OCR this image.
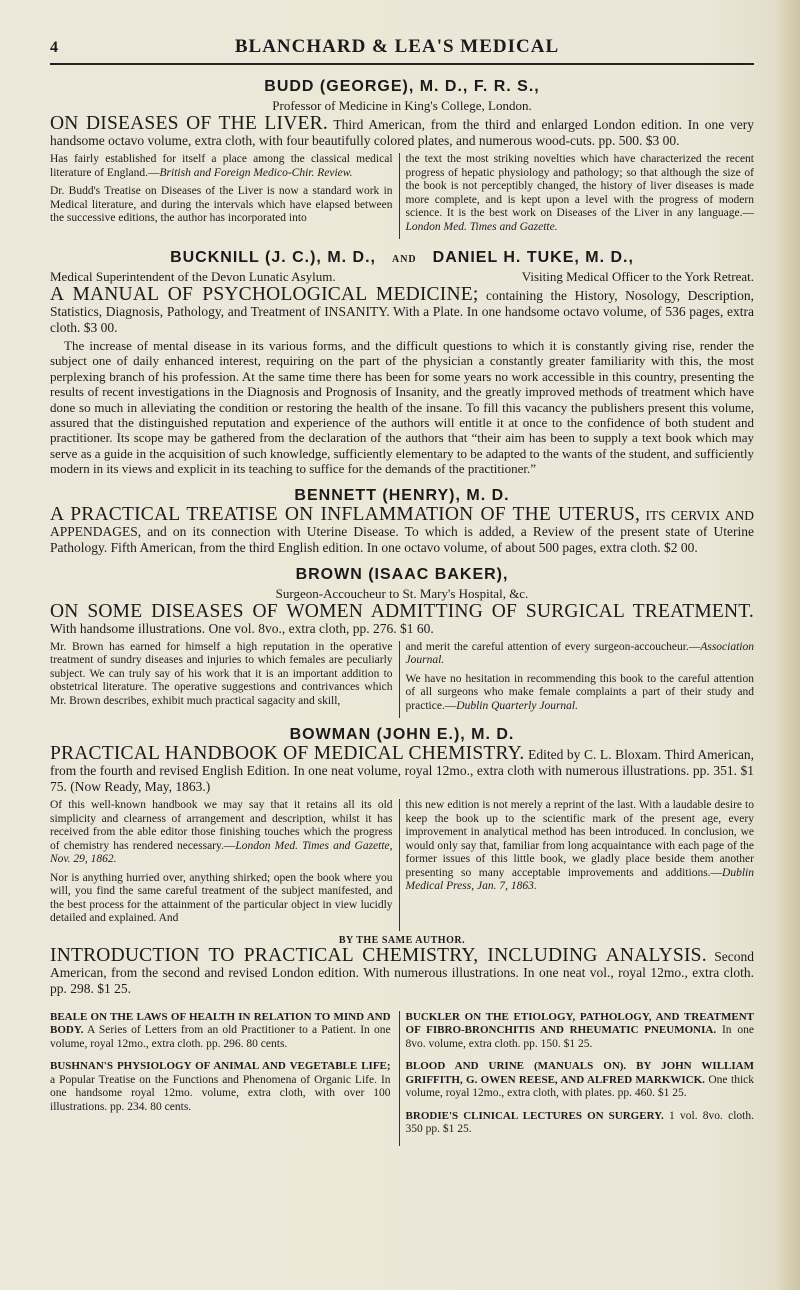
4	BLANCHARD & LEA'S MEDICAL
BUDD (GEORGE), M. D., F. R. S.,
Professor of Medicine in King's College, London.
ON DISEASES OF THE LIVER. Third American, from the third and enlarged London edition. In one very handsome octavo volume, extra cloth, with four beautifully colored plates, and numerous wood-cuts. pp. 500. $3 00.

Has fairly established for itself a place among the classical medical literature of England.—British and Foreign Medico-Chir. Review.

Dr. Budd's Treatise on Diseases of the Liver is now a standard work in Medical literature, and during the intervals which have elapsed between the successive editions, the author has incorporated into

the text the most striking novelties which have characterized the recent progress of hepatic physiology and pathology; so that although the size of the book is not perceptibly changed, the history of liver diseases is made more complete, and is kept upon a level with the progress of modern science. It is the best work on Diseases of the Liver in any language.—London Med. Times and Gazette.

BUCKNILL (J. C.), M. D., AND DANIEL H. TUKE, M. D.,
Medical Superintendent of the Devon Lunatic Asylum.	Visiting Medical Officer to the York Retreat.
A MANUAL OF PSYCHOLOGICAL MEDICINE; containing the History, Nosology, Description, Statistics, Diagnosis, Pathology, and Treatment of INSANITY. With a Plate. In one handsome octavo volume, of 536 pages, extra cloth. $3 00.
The increase of mental disease in its various forms, and the difficult questions to which it is constantly giving rise, render the subject one of daily enhanced interest, requiring on the part of the physician a constantly greater familiarity with this, the most perplexing branch of his profession. At the same time there has been for some years no work accessible in this country, presenting the results of recent investigations in the Diagnosis and Prognosis of Insanity, and the greatly improved methods of treatment which have done so much in alleviating the condition or restoring the health of the insane. To fill this vacancy the publishers present this volume, assured that the distinguished reputation and experience of the authors will entitle it at once to the confidence of both student and practitioner. Its scope may be gathered from the declaration of the authors that “their aim has been to supply a text book which may serve as a guide in the acquisition of such knowledge, sufficiently elementary to be adapted to the wants of the student, and sufficiently modern in its views and explicit in its teaching to suffice for the demands of the practitioner.”
BENNETT (HENRY), M. D.
A PRACTICAL TREATISE ON INFLAMMATION OF THE UTERUS, ITS CERVIX AND APPENDAGES, and on its connection with Uterine Disease. To which is added, a Review of the present state of Uterine Pathology. Fifth American, from the third English edition. In one octavo volume, of about 500 pages, extra cloth. $2 00.
BROWN (ISAAC BAKER),
Surgeon-Accoucheur to St. Mary's Hospital, &c.
ON SOME DISEASES OF WOMEN ADMITTING OF SURGICAL TREATMENT. With handsome illustrations. One vol. 8vo., extra cloth, pp. 276. $1 60.

Mr. Brown has earned for himself a high reputation in the operative treatment of sundry diseases and injuries to which females are peculiarly subject. We can truly say of his work that it is an important addition to obstetrical literature. The operative suggestions and contrivances which Mr. Brown describes, exhibit much practical sagacity and skill,

and merit the careful attention of every surgeon-accoucheur.—Association Journal.

We have no hesitation in recommending this book to the careful attention of all surgeons who make female complaints a part of their study and practice.—Dublin Quarterly Journal.

BOWMAN (JOHN E.), M. D.
PRACTICAL HANDBOOK OF MEDICAL CHEMISTRY. Edited by C. L. Bloxam. Third American, from the fourth and revised English Edition. In one neat volume, royal 12mo., extra cloth with numerous illustrations. pp. 351. $1 75. (Now Ready, May, 1863.)

Of this well-known handbook we may say that it retains all its old simplicity and clearness of arrangement and description, whilst it has received from the able editor those finishing touches which the progress of chemistry has rendered necessary.—London Med. Times and Gazette, Nov. 29, 1862.

Nor is anything hurried over, anything shirked; open the book where you will, you find the same careful treatment of the subject manifested, and the best process for the attainment of the particular object in view lucidly detailed and explained. And

this new edition is not merely a reprint of the last. With a laudable desire to keep the book up to the scientific mark of the present age, every improvement in analytical method has been introduced. In conclusion, we would only say that, familiar from long acquaintance with each page of the former issues of this little book, we gladly place beside them another presenting so many acceptable improvements and additions.—Dublin Medical Press, Jan. 7, 1863.

BY THE SAME AUTHOR.
INTRODUCTION TO PRACTICAL CHEMISTRY, INCLUDING ANALYSIS. Second American, from the second and revised London edition. With numerous illustrations. In one neat vol., royal 12mo., extra cloth. pp. 298. $1 25.
BEALE ON THE LAWS OF HEALTH IN RELATION TO MIND AND BODY. A Series of Letters from an old Practitioner to a Patient. In one volume, royal 12mo., extra cloth. pp. 296. 80 cents.
BUSHNAN'S PHYSIOLOGY OF ANIMAL AND VEGETABLE LIFE; a Popular Treatise on the Functions and Phenomena of Organic Life. In one handsome royal 12mo. volume, extra cloth, with over 100 illustrations. pp. 234. 80 cents.
BUCKLER ON THE ETIOLOGY, PATHOLOGY, AND TREATMENT OF FIBRO-BRONCHITIS AND RHEUMATIC PNEUMONIA. In one 8vo. volume, extra cloth. pp. 150. $1 25.
BLOOD AND URINE (MANUALS ON). BY JOHN WILLIAM GRIFFITH, G. OWEN REESE, AND ALFRED MARKWICK. One thick volume, royal 12mo., extra cloth, with plates. pp. 460. $1 25.
BRODIE'S CLINICAL LECTURES ON SURGERY. 1 vol. 8vo. cloth. 350 pp. $1 25.
